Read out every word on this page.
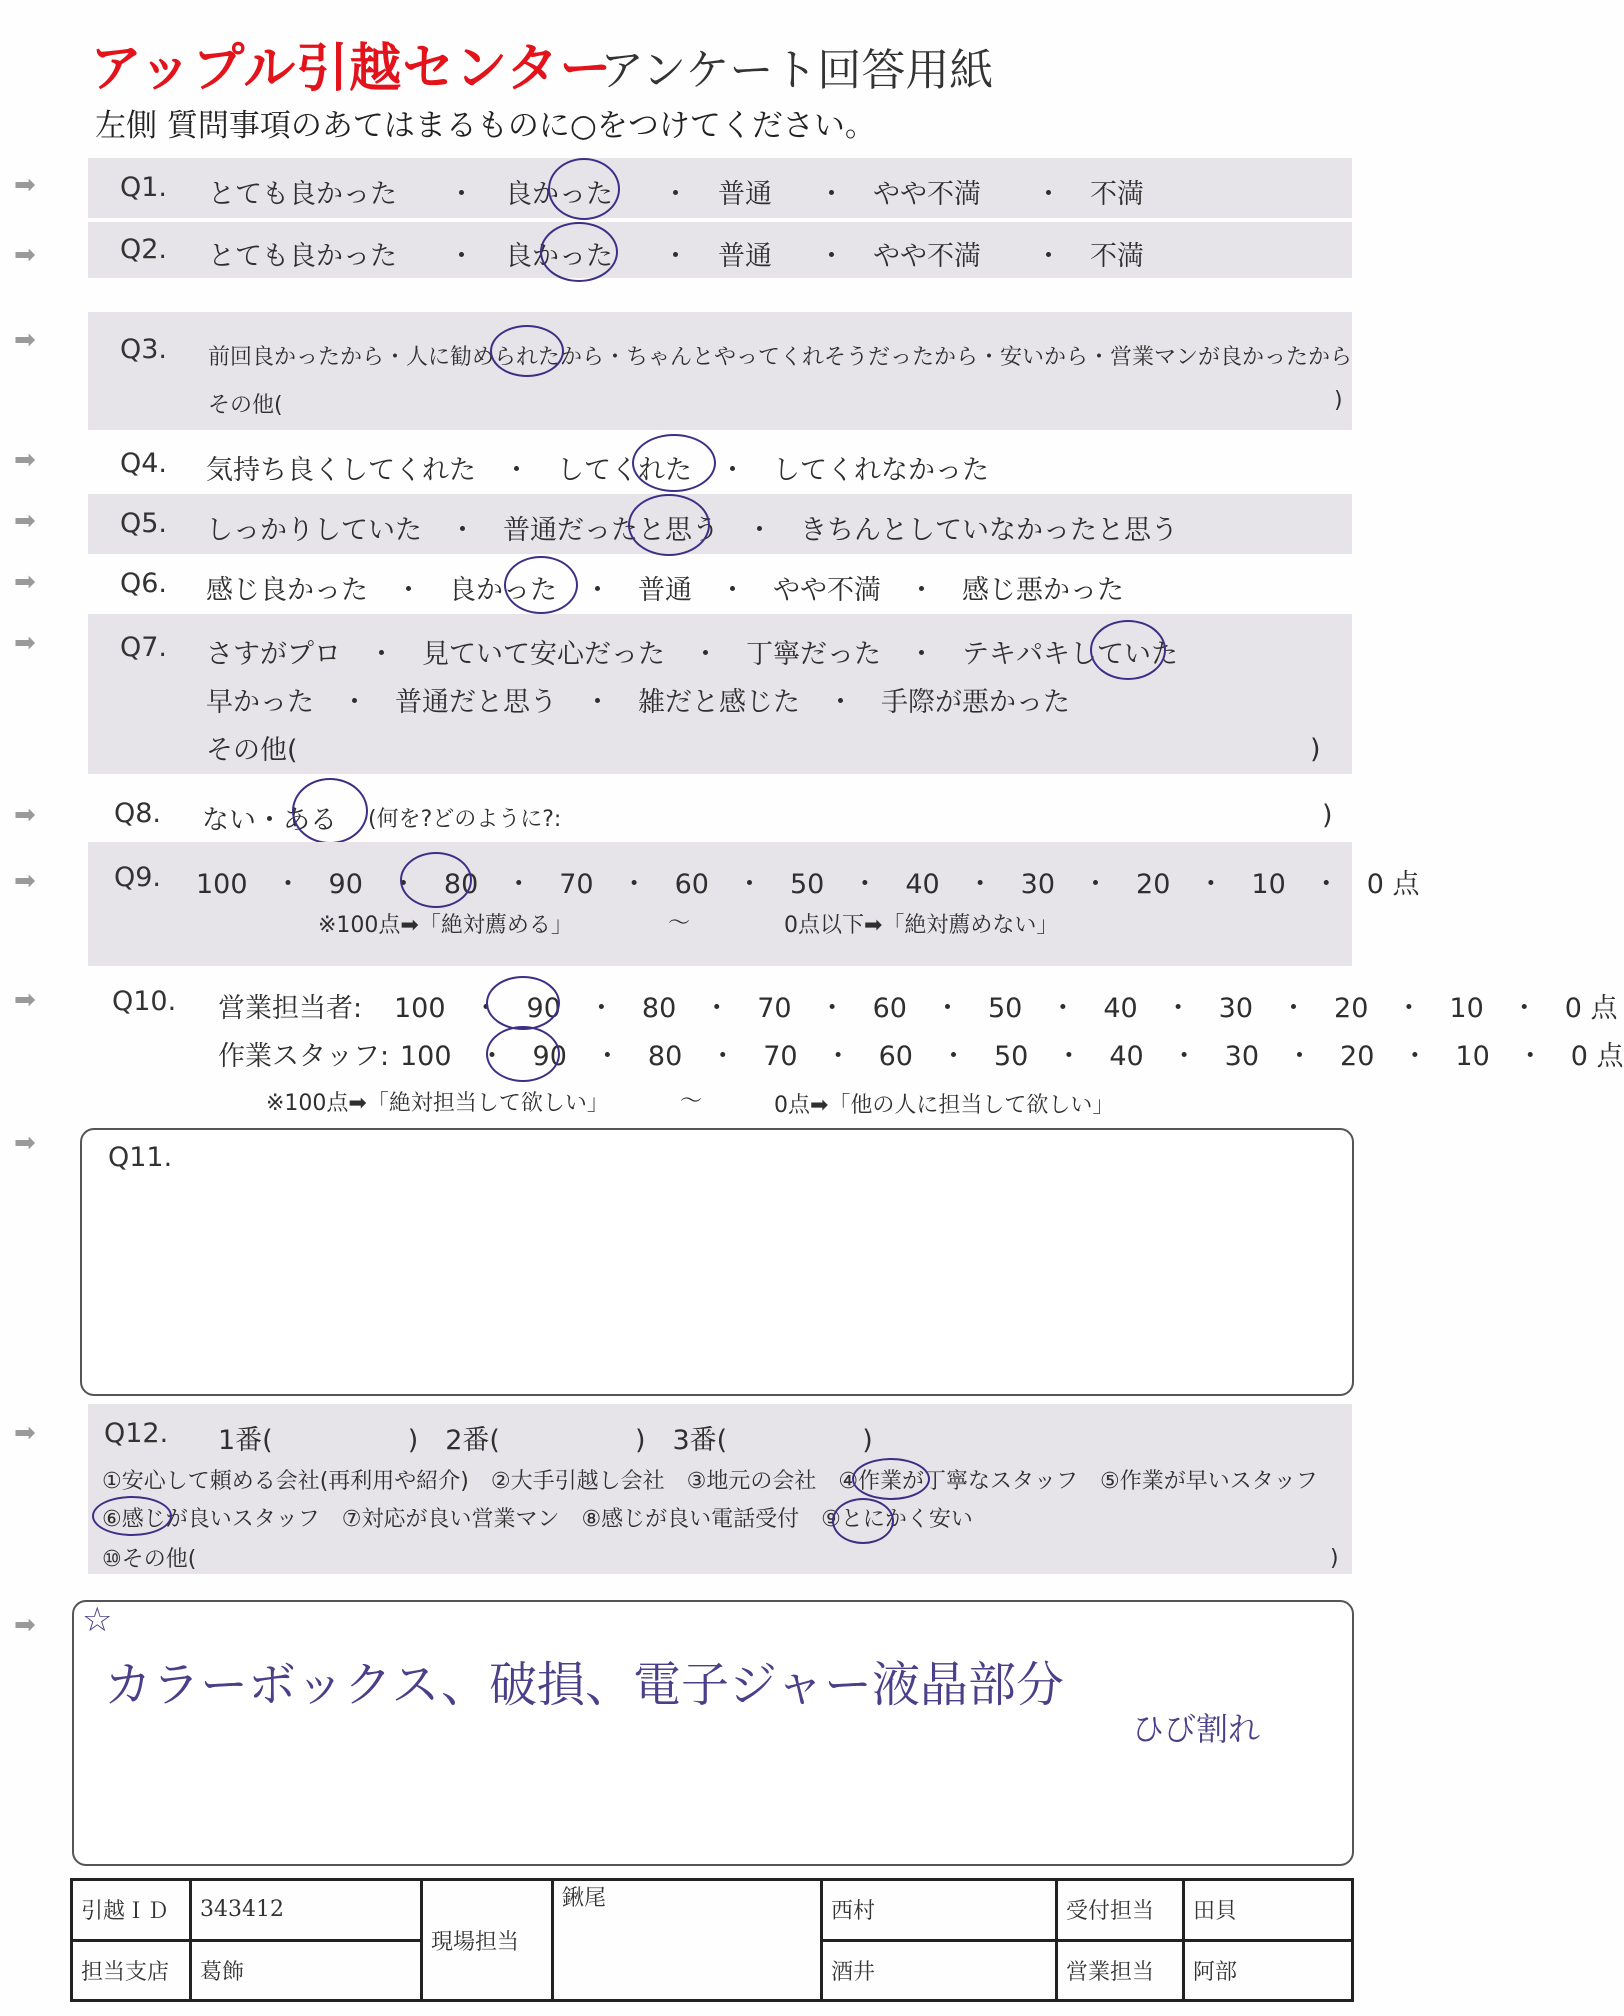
アップル引越センター
アンケート回答用紙
左側 質問事項のあてはまるものに○をつけてください。
➡
➡
➡
➡
➡
➡
➡
➡
➡
➡
➡
➡
➡
Q1. とても良かった ・ 良かった ・ 普通 ・ やや不満 ・ 不満
Q2. とても良かった ・ 良かった ・ 普通 ・ やや不満 ・ 不満
Q3. 前回良かったから・人に勧められたから・ちゃんとやってくれそうだったから・安いから・営業マンが良かったから
その他(	)
Q4. 気持ち良くしてくれた　・　してくれた　・　してくれなかった
Q5. しっかりしていた　・　普通だったと思う　・　きちんとしていなかったと思う
Q6. 感じ良かった　・　良かった　・　普通　・　やや不満　・　感じ悪かった
Q7. さすがプロ　・　見ていて安心だった　・　丁寧だった　・　テキパキしていた
早かった　・　普通だと思う　・　雑だと感じた　・　手際が悪かった
その他(	)
Q8. ない・ある (何を?どのように?:	)
Q9. 100　・　90　・　80　・　70　・　60　・　50　・　40　・　30　・　20　・　10　・　0 点
※100点➡「絶対薦める」	〜	0点以下➡「絶対薦めない」
Q10. 営業担当者: 100　・　90　・　80　・　70　・　60　・　50　・　40　・　30　・　20　・　10　・　0 点
作業スタッフ: 100　・　90　・　80　・　70　・　60　・　50　・　40　・　30　・　20　・　10　・　0 点
※100点➡「絶対担当して欲しい」	〜	0点➡「他の人に担当して欲しい」
Q11.
Q12. 1番(　　　　　)　2番(　　　　　)　3番(　　　　　)
①安心して頼める会社(再利用や紹介)　②大手引越し会社　③地元の会社　④作業が丁寧なスタッフ　⑤作業が早いスタッフ
⑥感じが良いスタッフ　⑦対応が良い営業マン　⑧感じが良い電話受付　⑨とにかく安い
⑩その他(	)
☆
カラーボックス、破損、電子ジャー液晶部分
ひび割れ
引越ＩＤ	343412	現場担当	鍬尾	西村	受付担当	田貝
担当支店	葛飾			酒井	営業担当	阿部
